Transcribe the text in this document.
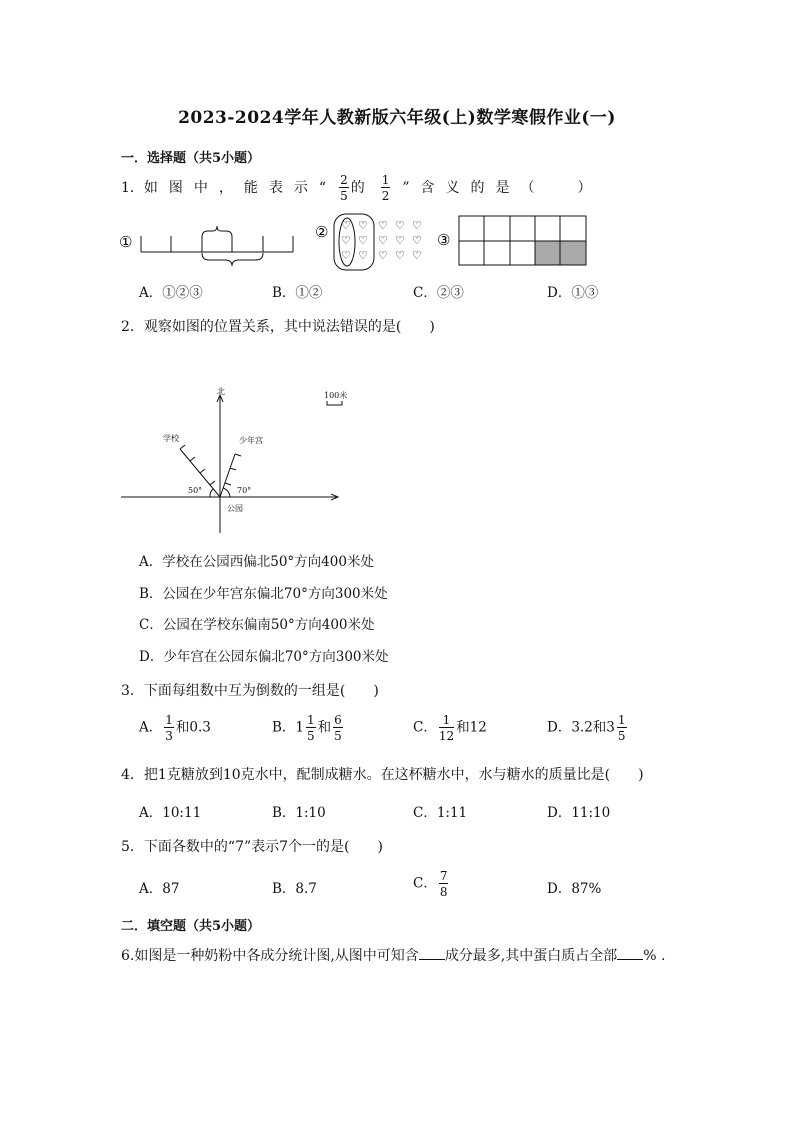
2023-2024学年人教新版六年级(上)数学寒假作业(一)
一．选择题（共5小题）
1．如图中，能表示“ $\frac{2}{5}$ 的 $\frac{1}{2}$ ”含义的是（ ）
①
② ♡ ♡
♡ ♡
♡ ♡
♡ ♡ ♡
♡ ♡ ♡
♡ ♡ ♡
③
A．①②③	B．①②	C．②③	D．①③
2．观察如图的位置关系，其中说法错误的是(　　)
北	100米
学校	少年宫
50°	70°
公园
A．学校在公园西偏北50°方向400米处
B．公园在少年宫东偏北70°方向300米处
C．公园在学校东偏南50°方向400米处
D．少年宫在公园东偏北70°方向300米处
3．下面每组数中互为倒数的一组是(　　)
A． $\frac{1}{3}$ 和0.3	B．$1 \frac{1}{5}$ 和 $\frac{6}{5}$	C． $\frac{1}{12}$ 和12	D．3.2和$3 \frac{1}{5}$
4．把1克糖放到10克水中，配制成糖水。在这杯糖水中，水与糖水的质量比是(　　)
A．10:11	B．1:10	C．1:11	D．11:10
5．下面各数中的“7”表示7个一的是(　　)
A．87	B．8.7	C． $\frac{7}{8}$	D．87%
二．填空题（共5小题）
6.如图是一种奶粉中各成分统计图,从图中可知含 成分最多,其中蛋白质占全部 % .
